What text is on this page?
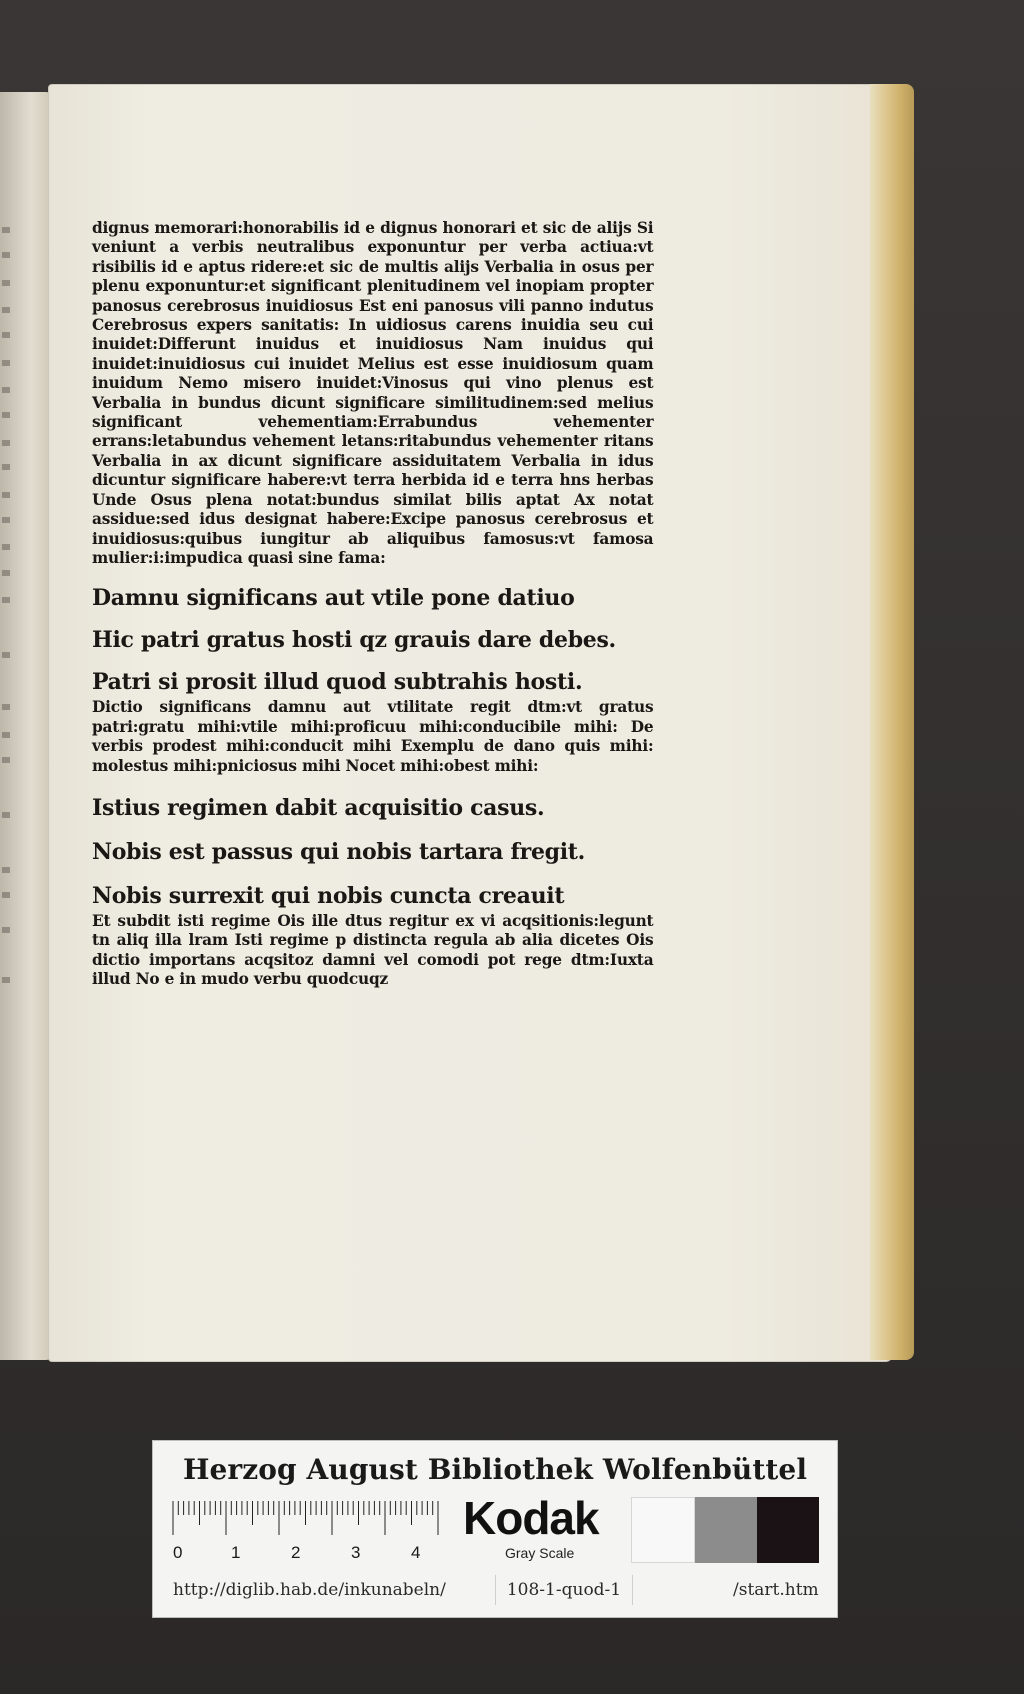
dignus memorari:honorabilis id e dignus honorari et sic de alijs Si veniunt a verbis neutralibus exponuntur per verba actiua:vt risibilis id e aptus ridere:et sic de multis alijs Verbalia in osus per plenu exponuntur:et significant plenitudinem vel inopiam propter panosus cerebrosus inuidiosus Est eni panosus vili panno indutus Cerebrosus expers sanitatis: In uidiosus carens inuidia seu cui inuidet:Differunt inuidus et inuidiosus Nam inuidus qui inuidet:inuidiosus cui inuidet Melius est esse inuidiosum quam inuidum Nemo misero inuidet:Vinosus qui vino plenus est Verbalia in bundus dicunt significare similitudinem:sed melius significant vehementiam:Errabundus vehementer errans:letabundus vehement letans:ritabundus vehementer ritans Verbalia in ax dicunt significare assiduitatem Verbalia in idus dicuntur significare habere:vt terra herbida id e terra hns herbas Unde Osus plena notat:bundus similat bilis aptat Ax notat assidue:sed idus designat habere:Excipe panosus cerebrosus et inuidiosus:quibus iungitur ab aliquibus famosus:vt famosa mulier:i:impudica quasi sine fama:

Damnu significans aut vtile pone datiuo

Hic patri gratus hosti qz grauis dare debes.

Patri si prosit illud quod subtrahis hosti.

Dictio significans damnu aut vtilitate regit dtm:vt gratus patri:gratu mihi:vtile mihi:proficuu mihi:conducibile mihi: De verbis prodest mihi:conducit mihi Exemplu de dano quis mihi: molestus mihi:pniciosus mihi Nocet mihi:obest mihi:

Istius regimen dabit acquisitio casus.

Nobis est passus qui nobis tartara fregit.

Nobis surrexit qui nobis cuncta creauit

Et subdit isti regime Ois ille dtus regitur ex vi acqsitionis:legunt tn aliq illa lram Isti regime p distincta regula ab alia dicetes Ois dictio importans acqsitoz damni vel comodi pot rege dtm:Iuxta illud No e in mudo verbu quodcuqz

Herzog August Bibliothek Wolfenbüttel
0	1	2	3	4
Kodak
Gray Scale
http://diglib.hab.de/inkunabeln/	108-1-quod-1	/start.htm
